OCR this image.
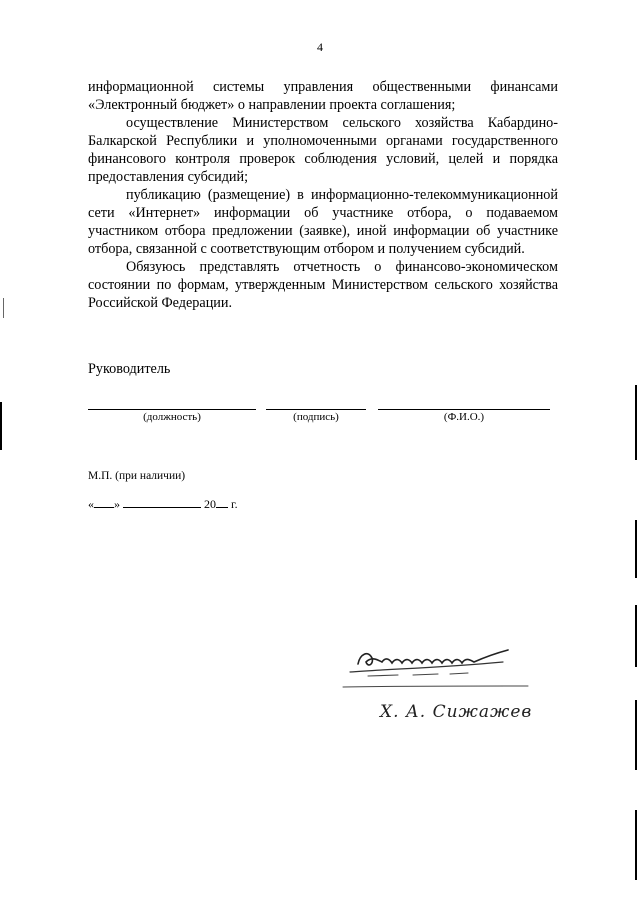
4

информационной системы управления общественными финансами «Электронный бюджет» о направлении проекта соглашения;

осуществление Министерством сельского хозяйства Кабардино-Балкарской Республики и уполномоченными органами государственного финансового контроля проверок соблюдения условий, целей и порядка предоставления субсидий;

публикацию (размещение) в информационно-телекоммуникационной сети «Интернет» информации об участнике отбора, о подаваемом участником отбора предложении (заявке), иной информации об участнике отбора, связанной с соответствующим отбором и получением субсидий.

Обязуюсь представлять отчетность о финансово-экономическом состоянии по формам, утвержденным Министерством сельского хозяйства Российской Федерации.

Руководитель
(должность)	(подпись)	(Ф.И.О.)
М.П. (при наличии)
« »	20 г.
Х. А. Сижажев
